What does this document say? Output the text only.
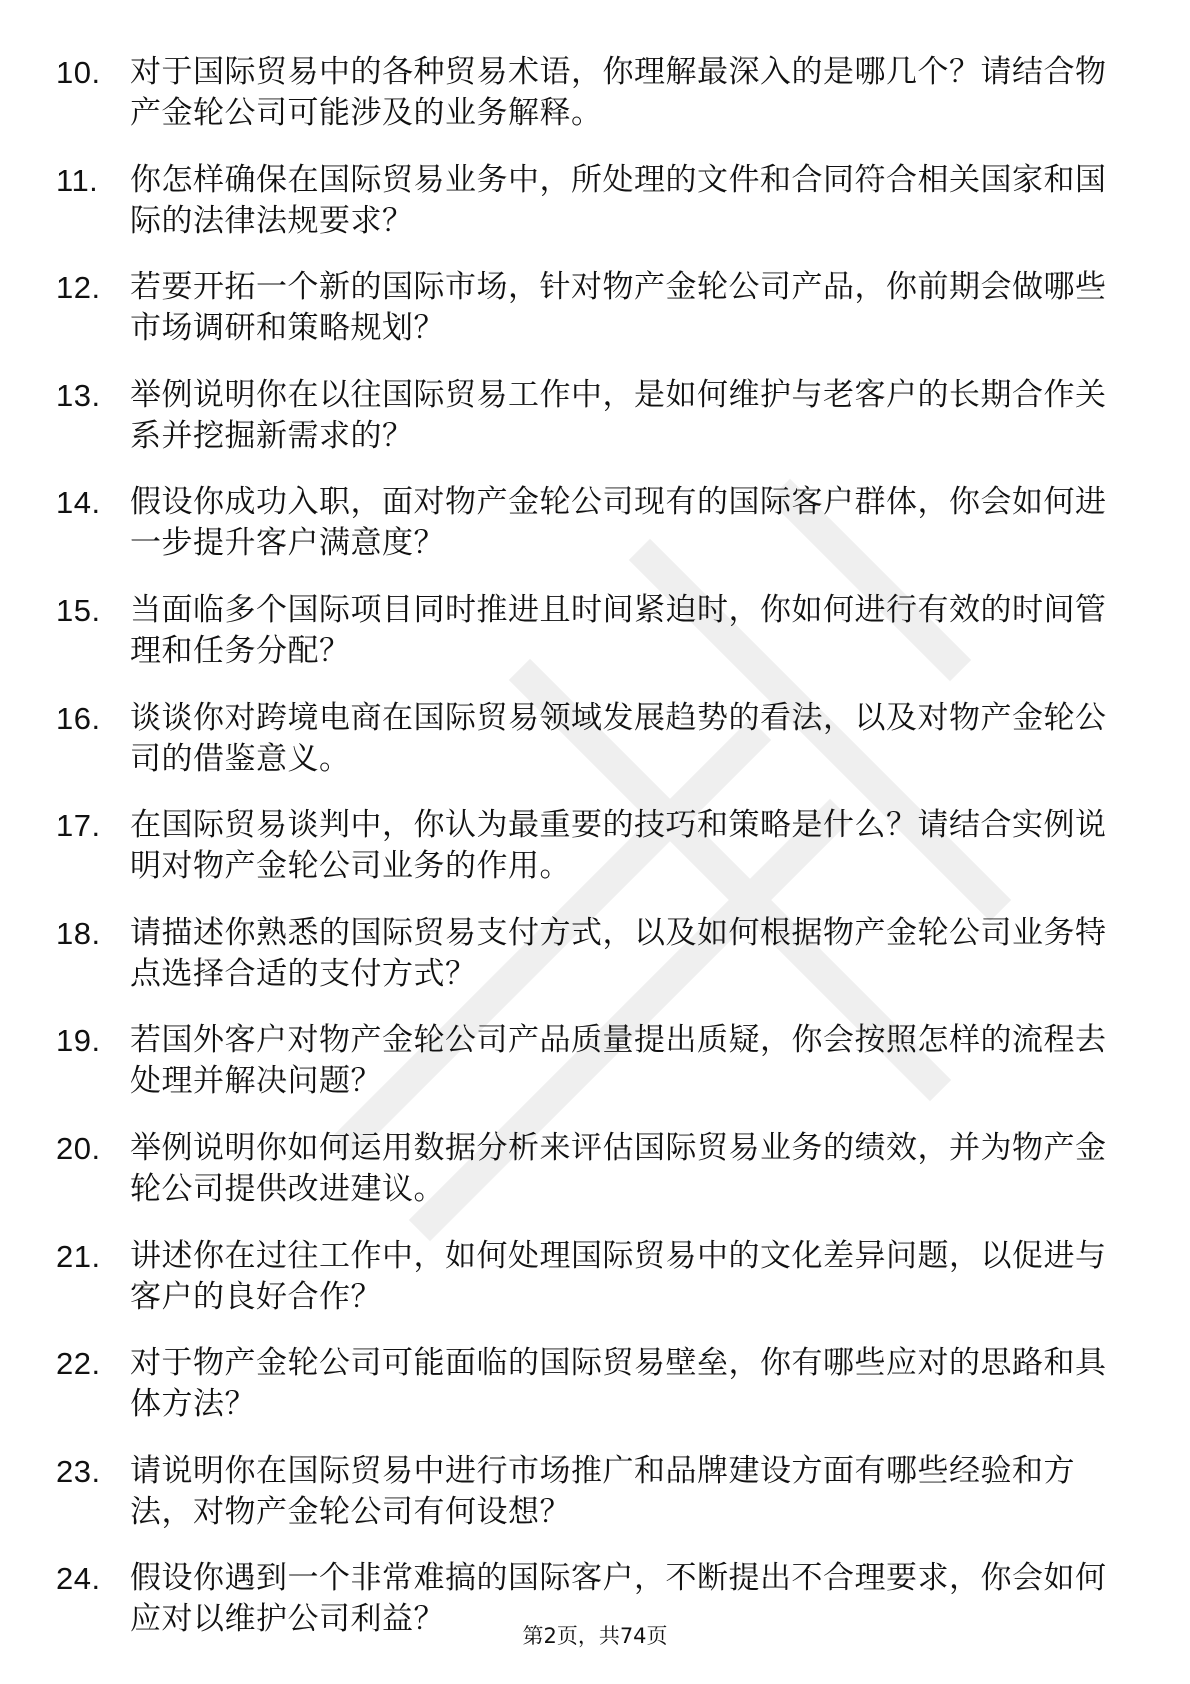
10. 对于国际贸易中的各种贸易术语，你理解最深入的是哪几个？请结合物产金轮公司可能涉及的业务解释。
11.	你怎样确保在国际贸易业务中，所处理的文件和合同符合相关国家和国际的法律法规要求？
12. 若要开拓一个新的国际市场，针对物产金轮公司产品，你前期会做哪些市场调研和策略规划？
13. 举例说明你在以往国际贸易工作中，是如何维护与老客户的长期合作关系并挖掘新需求的？
14. 假设你成功入职，面对物产金轮公司现有的国际客户群体，你会如何进一步提升客户满意度？
15. 当面临多个国际项目同时推进且时间紧迫时，你如何进行有效的时间管理和任务分配？
16. 谈谈你对跨境电商在国际贸易领域发展趋势的看法，以及对物产金轮公司的借鉴意义。
17. 在国际贸易谈判中，你认为最重要的技巧和策略是什么？请结合实例说明对物产金轮公司业务的作用。
18. 请描述你熟悉的国际贸易支付方式，以及如何根据物产金轮公司业务特点选择合适的支付方式？
19. 若国外客户对物产金轮公司产品质量提出质疑，你会按照怎样的流程去处理并解决问题？
20. 举例说明你如何运用数据分析来评估国际贸易业务的绩效，并为物产金轮公司提供改进建议。
21. 讲述你在过往工作中，如何处理国际贸易中的文化差异问题，以促进与客户的良好合作？
22. 对于物产金轮公司可能面临的国际贸易壁垒，你有哪些应对的思路和具体方法？
23. 请说明你在国际贸易中进行市场推广和品牌建设方面有哪些经验和方法，对物产金轮公司有何设想？
24. 假设你遇到一个非常难搞的国际客户，不断提出不合理要求，你会如何应对以维护公司利益？	第2页，共74页
